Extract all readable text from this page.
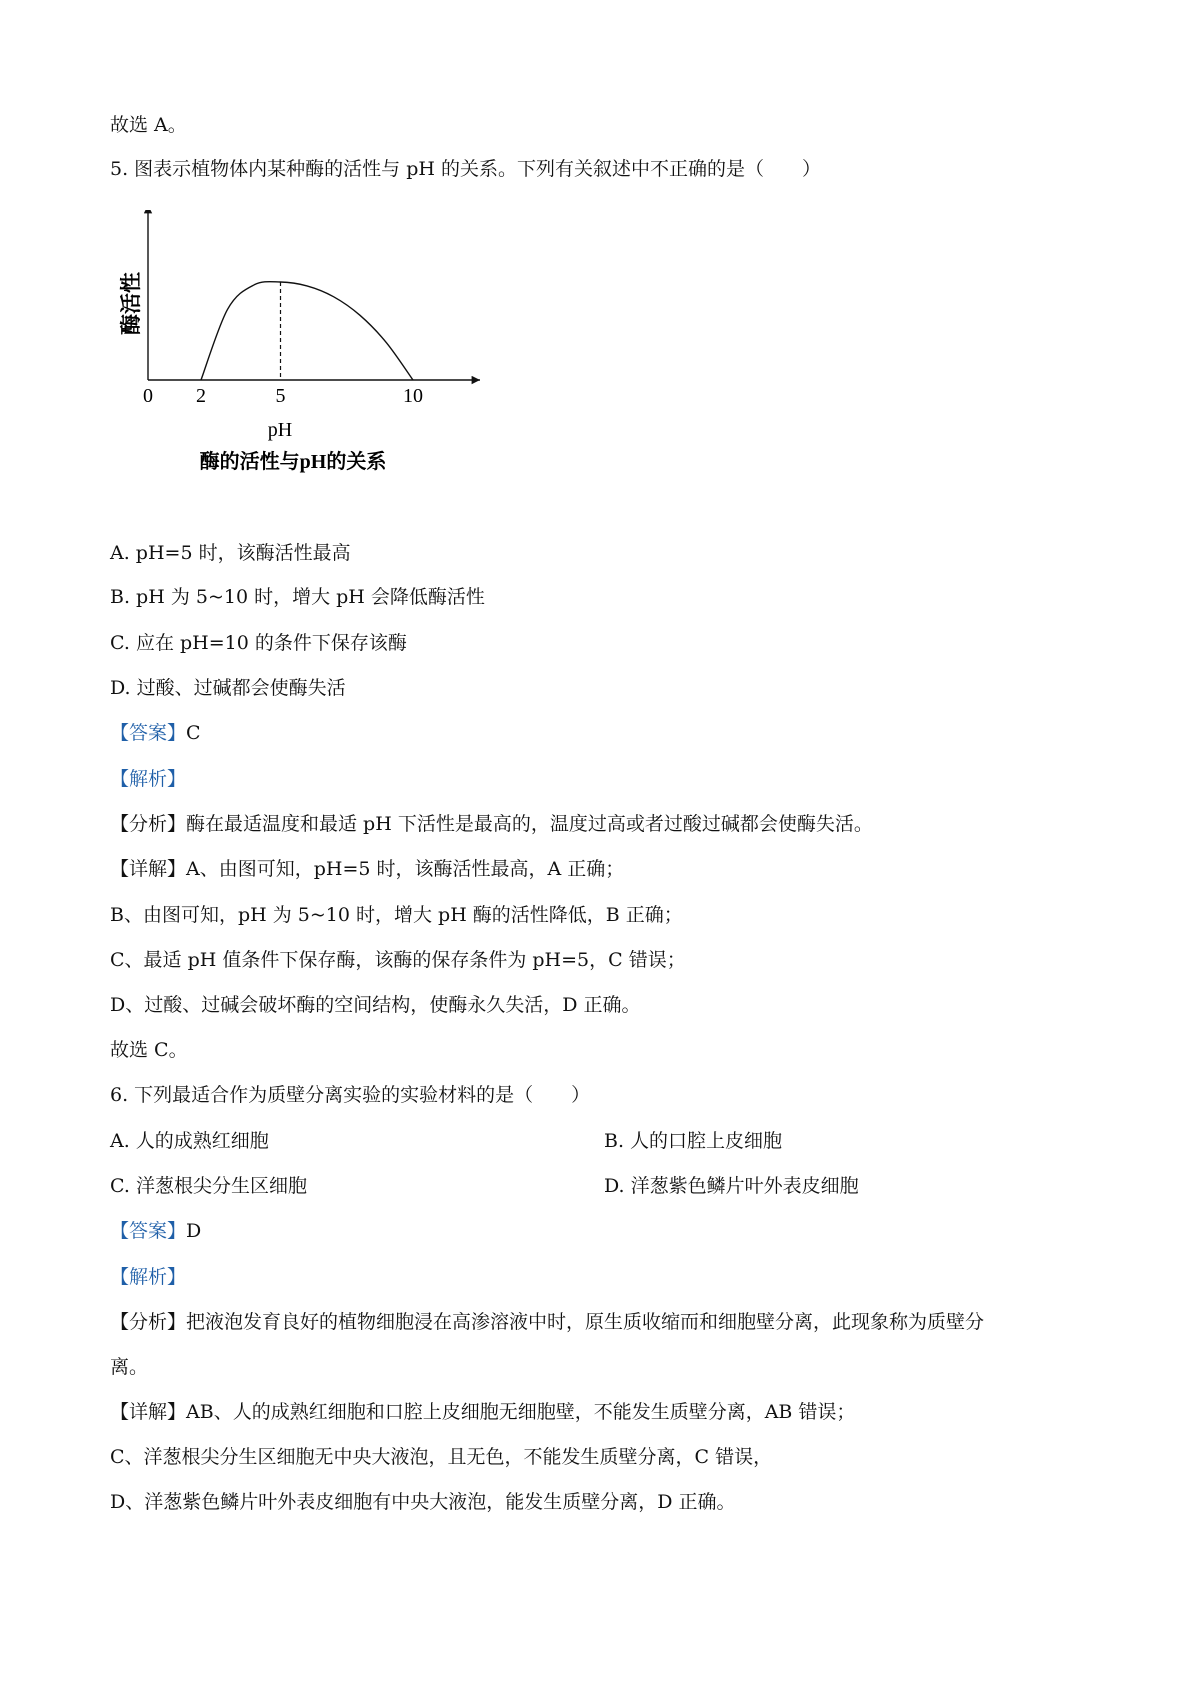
故选 A。
5. 图表示植物体内某种酶的活性与 pH 的关系。下列有关叙述中不正确的是（　　）
0 2	5	10
酶活性
pH
酶的活性与pH的关系
A. pH=5 时，该酶活性最高
B. pH 为 5~10 时，增大 pH 会降低酶活性
C. 应在 pH=10 的条件下保存该酶
D. 过酸、过碱都会使酶失活
【答案】C
【解析】
【分析】酶在最适温度和最适 pH 下活性是最高的，温度过高或者过酸过碱都会使酶失活。
【详解】A、由图可知，pH=5 时，该酶活性最高，A 正确；
B、由图可知，pH 为 5~10 时，增大 pH 酶的活性降低，B 正确；
C、最适 pH 值条件下保存酶，该酶的保存条件为 pH=5，C 错误；
D、过酸、过碱会破坏酶的空间结构，使酶永久失活，D 正确。
故选 C。
6. 下列最适合作为质壁分离实验的实验材料的是（　　）
A. 人的成熟红细胞	B. 人的口腔上皮细胞
C. 洋葱根尖分生区细胞	D. 洋葱紫色鳞片叶外表皮细胞
【答案】D
【解析】
【分析】把液泡发育良好的植物细胞浸在高渗溶液中时，原生质收缩而和细胞壁分离，此现象称为质壁分
离。
【详解】AB、人的成熟红细胞和口腔上皮细胞无细胞壁，不能发生质壁分离，AB 错误；
C、洋葱根尖分生区细胞无中央大液泡，且无色，不能发生质壁分离，C 错误，
D、洋葱紫色鳞片叶外表皮细胞有中央大液泡，能发生质壁分离，D 正确。
